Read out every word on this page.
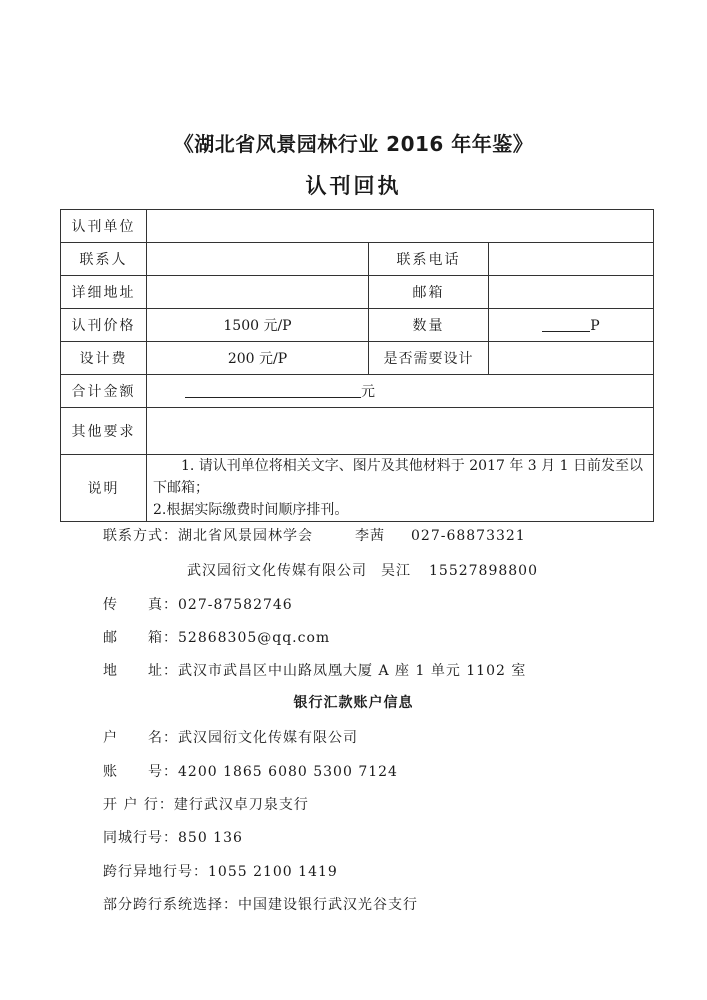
《湖北省风景园林行业 2016 年年鉴》
认刊回执
认刊单位			
联系人		联系电话	
详细地址		邮箱	
认刊价格	1500 元/P	数量	P
设计费	200 元/P	是否需要设计	
合计金额	元		
其他要求			
说明	1. 请认刊单位将相关文字、图片及其他材料于 2017 年 3 月 1 日前发至以下邮箱；
2.根据实际缴费时间顺序排刊。		
联系方式：湖北省风景园林学会	李茜 027-68873321
武汉园衍文化传媒有限公司 吴江 15527898800
传　　真：027-87582746
邮　　箱：52868305@qq.com
地　　址：武汉市武昌区中山路凤凰大厦 A 座 1 单元 1102 室
银行汇款账户信息
户　　名：武汉园衍文化传媒有限公司
账　　号：4200 1865 6080 5300 7124
开 户 行：建行武汉卓刀泉支行
同城行号：850 136
跨行异地行号：1055 2100 1419
部分跨行系统选择：中国建设银行武汉光谷支行
